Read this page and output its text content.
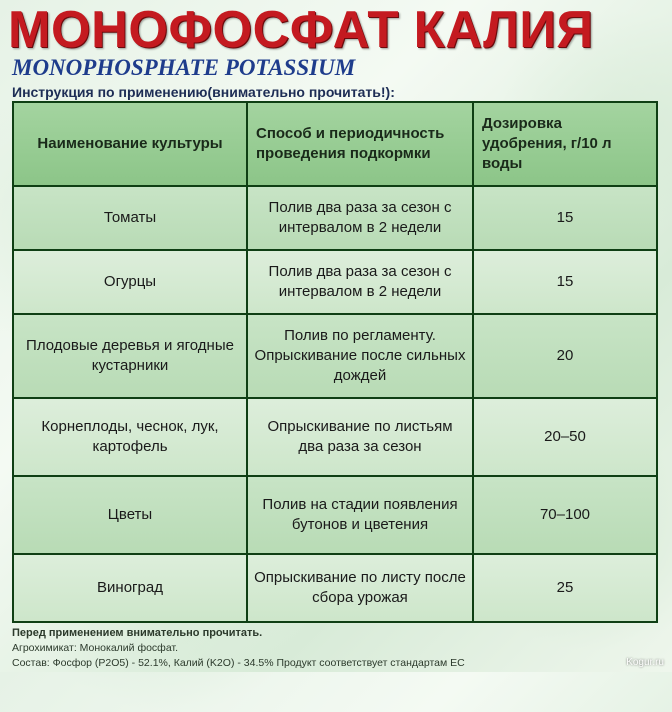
МОНОФОСФАТ КАЛИЯ
MONOPHOSPHATE POTASSIUM
Инструкция по применению(внимательно прочитать!):
Наименование культуры	Способ и периодичность проведения подкормки	Дозировка удобрения, г/10 л воды
Томаты	Полив два раза за сезон с интервалом в 2 недели	15
Огурцы	Полив два раза за сезон с интервалом в 2 недели	15
Плодовые деревья и ягодные кустарники	Полив по регламенту. Опрыскивание после сильных дождей	20
Корнеплоды, чеснок, лук, картофель	Опрыскивание по листьям два раза за сезон	20–50
Цветы	Полив на стадии появления бутонов и цветения	70–100
Виноград	Опрыскивание по листу после сбора урожая	25
Перед применением внимательно прочитать.
Агрохимикат: Монокалий фосфат.
Состав: Фосфор (P2O5) - 52.1%, Калий (K2O) - 34.5% Продукт соответствует стандартам ЕС	Kogur.ru
